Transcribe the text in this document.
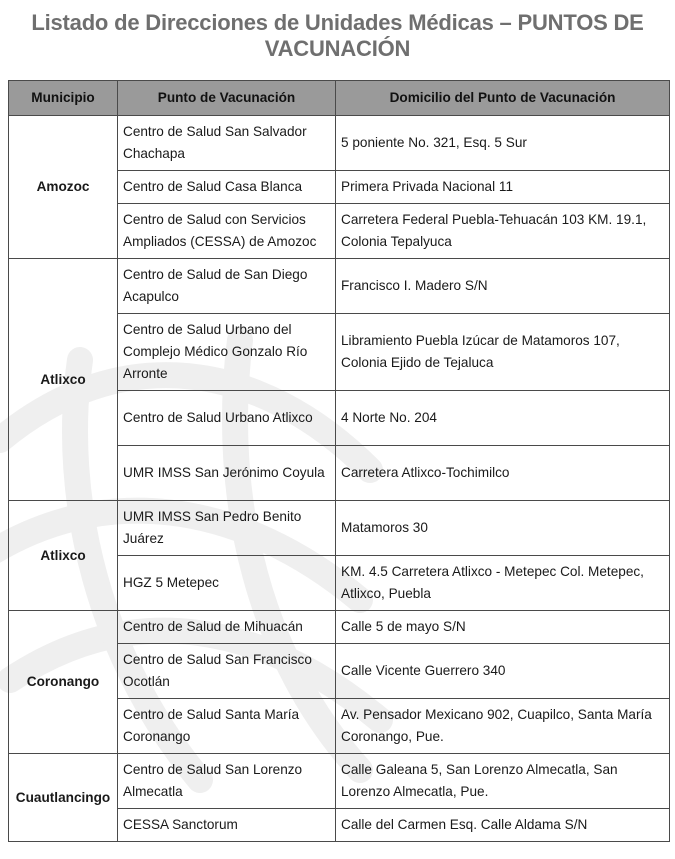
Listado de Direcciones de Unidades Médicas – PUNTOS DE
VACUNACIÓN
Municipio	Punto de Vacunación	Domicilio del Punto de Vacunación
Amozoc	Centro de Salud San Salvador Chachapa	5 poniente No. 321, Esq. 5 Sur
	Centro de Salud Casa Blanca	Primera Privada Nacional 11
	Centro de Salud con Servicios Ampliados (CESSA) de Amozoc	Carretera Federal Puebla-Tehuacán 103 KM. 19.1, Colonia Tepalyuca
Atlixco	Centro de Salud de San Diego Acapulco	Francisco I. Madero S/N
	Centro de Salud Urbano del Complejo Médico Gonzalo Río Arronte	Libramiento Puebla Izúcar de Matamoros 107, Colonia Ejido de Tejaluca
	Centro de Salud Urbano Atlixco	4 Norte No. 204
	UMR IMSS San Jerónimo Coyula	Carretera Atlixco-Tochimilco
Atlixco	UMR IMSS San Pedro Benito Juárez	Matamoros 30
	HGZ 5 Metepec	KM. 4.5 Carretera Atlixco - Metepec Col. Metepec, Atlixco, Puebla
Coronango	Centro de Salud de Mihuacán	Calle 5 de mayo S/N
	Centro de Salud San Francisco Ocotlán	Calle Vicente Guerrero 340
	Centro de Salud Santa María Coronango	Av. Pensador Mexicano 902, Cuapilco, Santa María Coronango, Pue.
Cuautlancingo	Centro de Salud San Lorenzo Almecatla	Calle Galeana 5, San Lorenzo Almecatla, San Lorenzo Almecatla, Pue.
	CESSA Sanctorum	Calle del Carmen Esq. Calle Aldama S/N
